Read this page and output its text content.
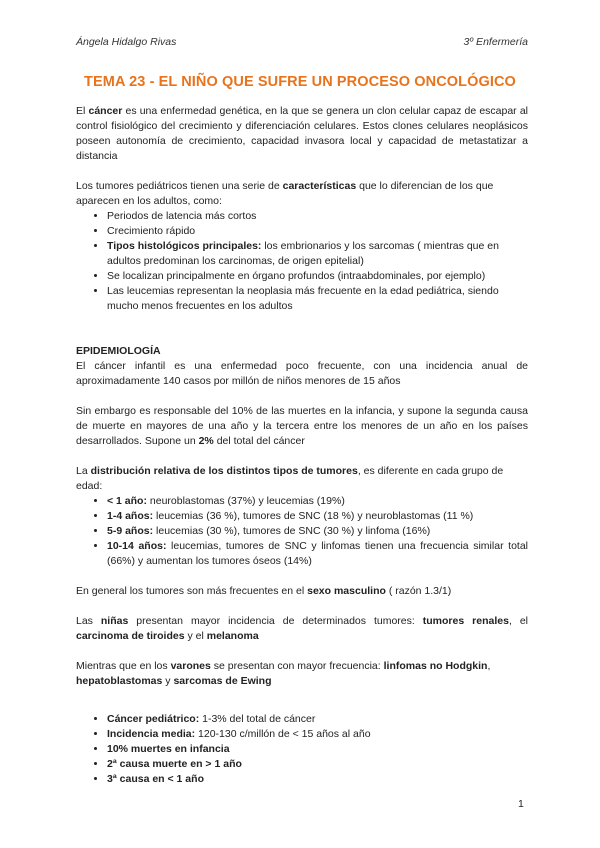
Ángela Hidalgo Rivas	3º Enfermería
TEMA 23 - EL NIÑO QUE SUFRE UN PROCESO ONCOLÓGICO

El cáncer es una enfermedad genética, en la que se genera un clon celular capaz de escapar al control fisiológico del crecimiento y diferenciación celulares. Estos clones celulares neoplásicos poseen autonomía de crecimiento, capacidad invasora local y capacidad de metastatizar a distancia

Los tumores pediátricos tienen una serie de características que lo diferencian de los que aparecen en los adultos, como:

• Periodos de latencia más cortos
• Crecimiento rápido
• Tipos histológicos principales: los embrionarios y los sarcomas ( mientras que en adultos predominan los carcinomas, de origen epitelial)
• Se localizan principalmente en órgano profundos (intraabdominales, por ejemplo)
• Las leucemias representan la neoplasia más frecuente en la edad pediátrica, siendo mucho menos frecuentes en los adultos

EPIDEMIOLOGÍA

El cáncer infantil es una enfermedad poco frecuente, con una incidencia anual de aproximadamente 140 casos por millón de niños menores de 15 años

Sin embargo es responsable del 10% de las muertes en la infancia, y supone la segunda causa de muerte en mayores de una año y la tercera entre los menores de un año en los países desarrollados. Supone un 2% del total del cáncer

La distribución relativa de los distintos tipos de tumores, es diferente en cada grupo de edad:

• < 1 año: neuroblastomas (37%) y leucemias (19%)
• 1-4 años: leucemias (36 %), tumores de SNC (18 %) y neuroblastomas (11 %)
• 5-9 años: leucemias (30 %), tumores de SNC (30 %) y linfoma (16%)
• 10-14 años: leucemias, tumores de SNC y linfomas tienen una frecuencia similar total (66%) y aumentan los tumores óseos (14%)

En general los tumores son más frecuentes en el sexo masculino ( razón 1.3/1)

Las niñas presentan mayor incidencia de determinados tumores: tumores renales, el carcinoma de tiroides y el melanoma

Mientras que en los varones se presentan con mayor frecuencia: linfomas no Hodgkin, hepatoblastomas y sarcomas de Ewing

• Cáncer pediátrico: 1-3% del total de cáncer
• Incidencia media: 120-130 c/millón de < 15 años al año
• 10% muertes en infancia
• 2ª causa muerte en > 1 año
• 3ª causa en < 1 año
1
